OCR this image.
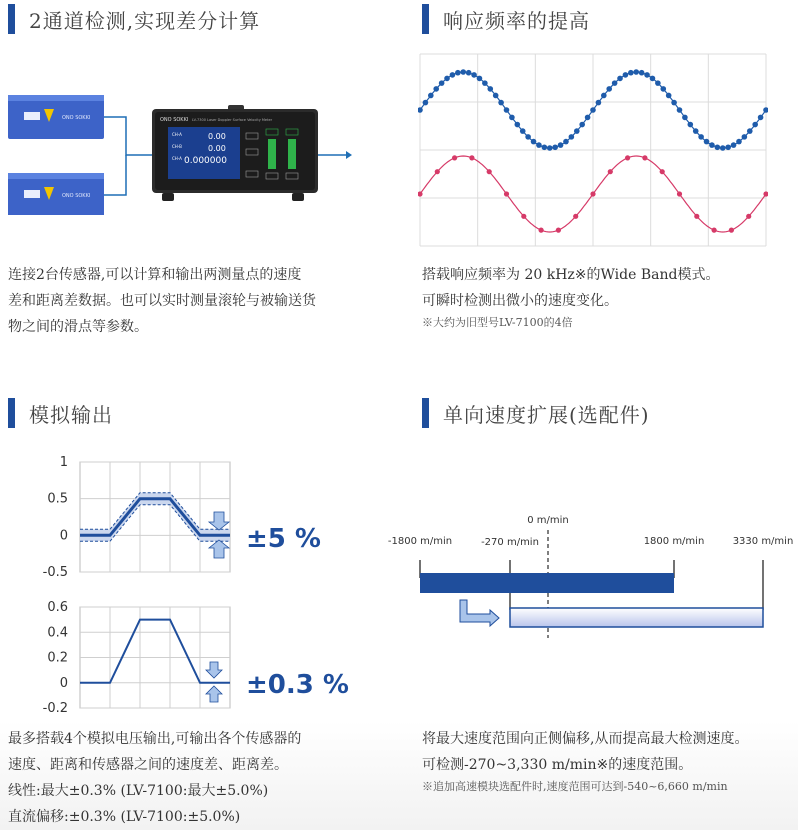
2通道检测,实现差分计算
ONO SOKKI
ONO SOKKI
ONO SOKKI LV-7300 Laser Doppler Surface Velocity Meter
CH-A	0.00
CH-B	0.00
CH-A 0.000000
连接2台传感器,可以计算和输出两测量点的速度
差和距离差数据。也可以实时测量滚轮与被输送货
物之间的滑点等参数。
响应频率的提高
搭载响应频率为 20 kHz※的Wide Band模式。
可瞬时检测出微小的速度变化。
※大约为旧型号LV-7100的4倍
模拟输出
1
0.5
0
-0.5
0.6
0.4
0.2
0
-0.2
±5 %
±0.3 %
最多搭载4个模拟电压输出,可输出各个传感器的
速度、距离和传感器之间的速度差、距离差。
线性:最大±0.3% (LV-7100:最大±5.0%)
直流偏移:±0.3% (LV-7100:±5.0%)
单向速度扩展(选配件)
0 m/min
-1800 m/min	-270 m/min	1800 m/min	3330 m/min
将最大速度范围向正侧偏移,从而提高最大检测速度。
可检测-270~3,330 m/min※的速度范围。
※追加高速模块选配件时,速度范围可达到-540~6,660 m/min
